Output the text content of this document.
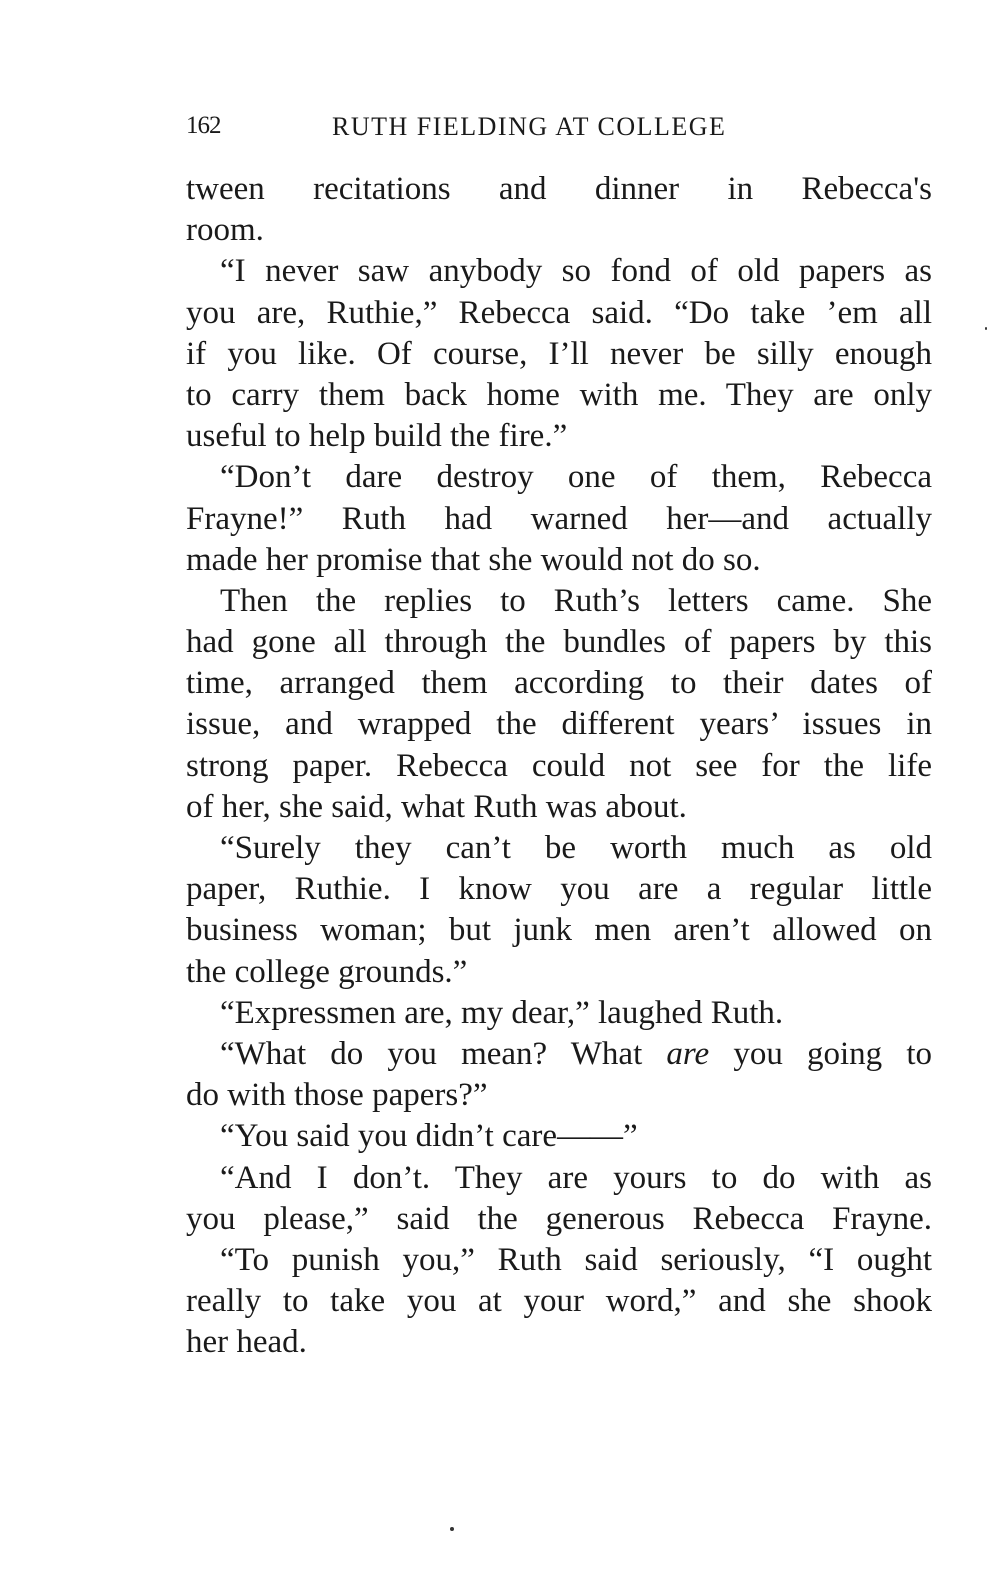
162	RUTH FIELDING AT COLLEGE
tween recitations and dinner in Rebecca's
room.
“I never saw anybody so fond of old papers as
you are, Ruthie,” Rebecca said. “Do take ’em all
if you like. Of course, I’ll never be silly enough
to carry them back home with me. They are only
useful to help build the fire.”
“Don’t dare destroy one of them, Rebecca
Frayne!” Ruth had warned her—and actually
made her promise that she would not do so.
Then the replies to Ruth’s letters came. She
had gone all through the bundles of papers by this
time, arranged them according to their dates of
issue, and wrapped the different years’ issues in
strong paper. Rebecca could not see for the life
of her, she said, what Ruth was about.
“Surely they can’t be worth much as old
paper, Ruthie. I know you are a regular little
business woman; but junk men aren’t allowed on
the college grounds.”
“Expressmen are, my dear,” laughed Ruth.
“What do you mean? What are you going to
do with those papers?”
“You said you didn’t care——”
“And I don’t. They are yours to do with as
you please,” said the generous Rebecca Frayne.
“To punish you,” Ruth said seriously, “I ought
really to take you at your word,” and she shook
her head.
